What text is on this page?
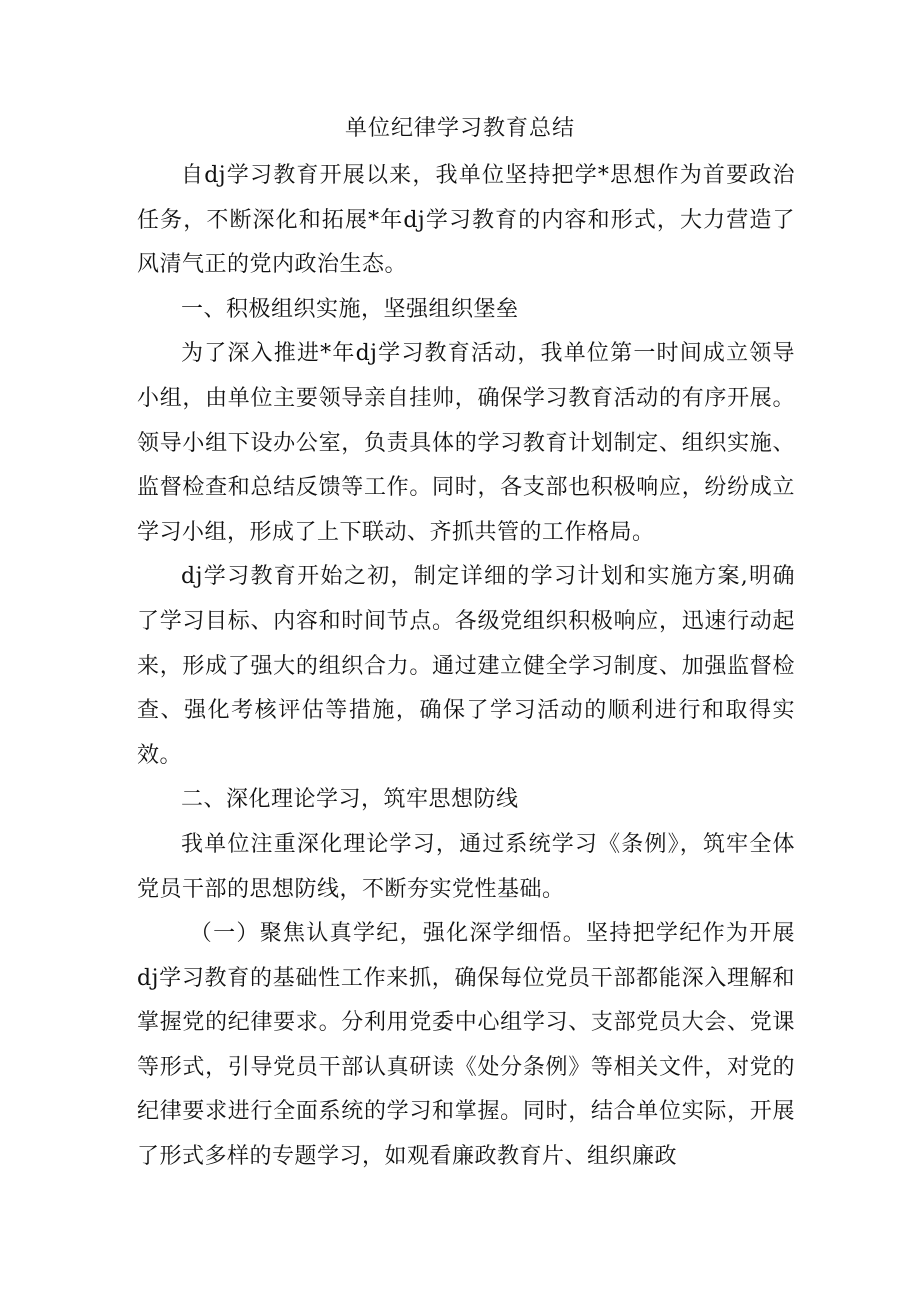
单位纪律学习教育总结

自dj学习教育开展以来，我单位坚持把学*思想作为首要政治任务，不断深化和拓展*年dj学习教育的内容和形式，大力营造了风清气正的党内政治生态。

一、积极组织实施，坚强组织堡垒

为了深入推进*年dj学习教育活动，我单位第一时间成立领导小组，由单位主要领导亲自挂帅，确保学习教育活动的有序开展。领导小组下设办公室，负责具体的学习教育计划制定、组织实施、监督检查和总结反馈等工作。同时，各支部也积极响应，纷纷成立学习小组，形成了上下联动、齐抓共管的工作格局。

dj学习教育开始之初，制定详细的学习计划和实施方案,明确了学习目标、内容和时间节点。各级党组织积极响应，迅速行动起来，形成了强大的组织合力。通过建立健全学习制度、加强监督检查、强化考核评估等措施，确保了学习活动的顺利进行和取得实效。

二、深化理论学习，筑牢思想防线

我单位注重深化理论学习，通过系统学习《条例》，筑牢全体党员干部的思想防线，不断夯实党性基础。

（一）聚焦认真学纪，强化深学细悟。坚持把学纪作为开展dj学习教育的基础性工作来抓，确保每位党员干部都能深入理解和掌握党的纪律要求。分利用党委中心组学习、支部党员大会、党课等形式，引导党员干部认真研读《处分条例》等相关文件，对党的纪律要求进行全面系统的学习和掌握。同时，结合单位实际，开展了形式多样的专题学习，如观看廉政教育片、组织廉政
